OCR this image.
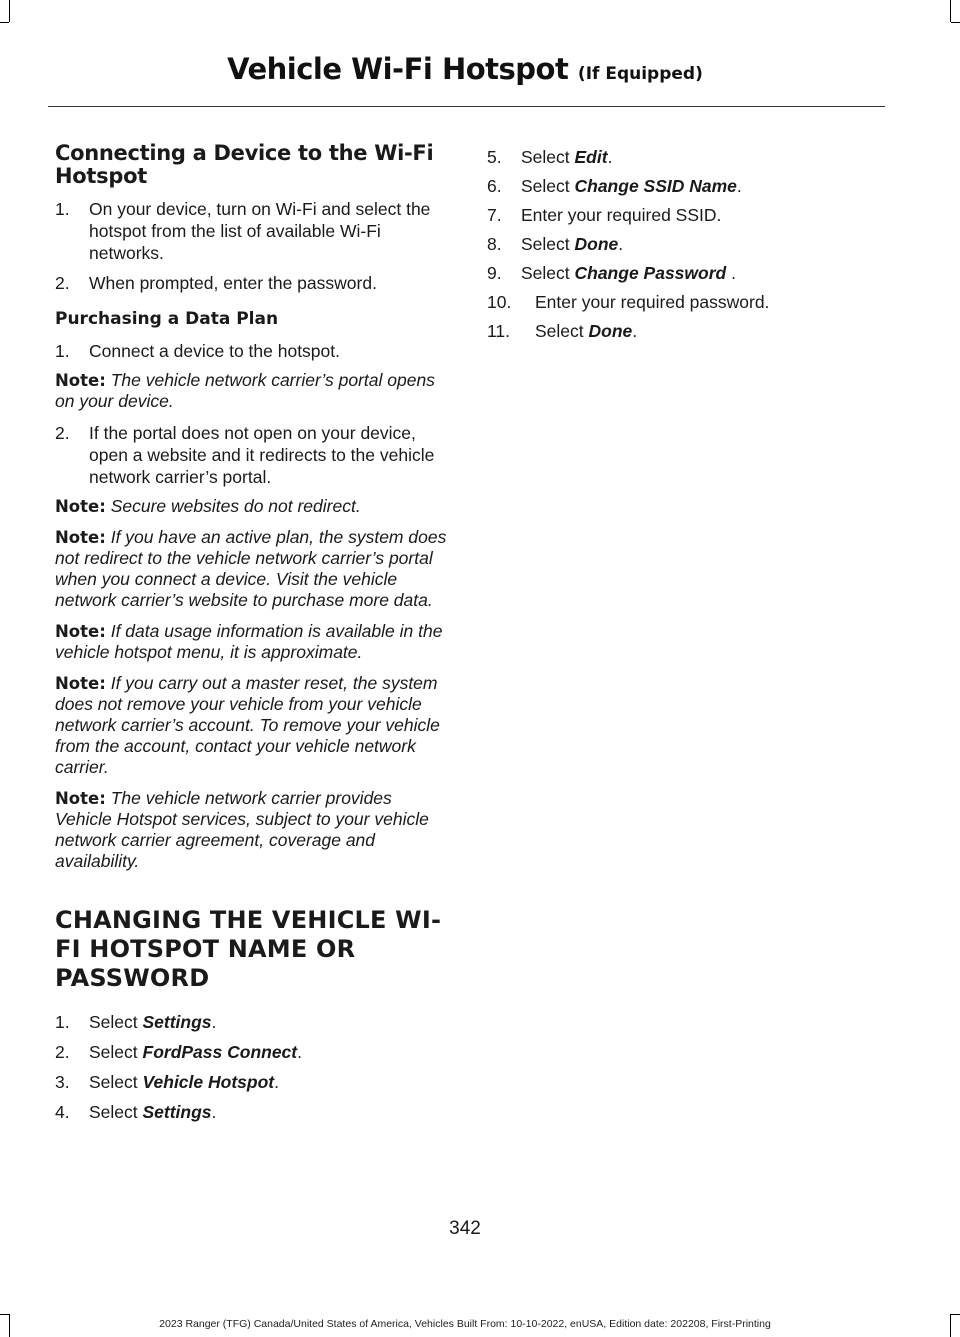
Vehicle Wi-Fi Hotspot (If Equipped)
Connecting a Device to the Wi-Fi Hotspot
1.	On your device, turn on Wi-Fi and select the hotspot from the list of available Wi-Fi networks.
2.	When prompted, enter the password.
Purchasing a Data Plan
1.	Connect a device to the hotspot.
Note: The vehicle network carrier’s portal opens on your device.
2.	If the portal does not open on your device, open a website and it redirects to the vehicle network carrier’s portal.
Note: Secure websites do not redirect.
Note: If you have an active plan, the system does not redirect to the vehicle network carrier’s portal when you connect a device. Visit the vehicle network carrier’s website to purchase more data.
Note: If data usage information is available in the vehicle hotspot menu, it is approximate.
Note: If you carry out a master reset, the system does not remove your vehicle from your vehicle network carrier’s account. To remove your vehicle from the account, contact your vehicle network carrier.
Note: The vehicle network carrier provides Vehicle Hotspot services, subject to your vehicle network carrier agreement, coverage and availability.
CHANGING THE VEHICLE WI-FI HOTSPOT NAME OR PASSWORD
1.	Select Settings.
2.	Select FordPass Connect.
3.	Select Vehicle Hotspot.
4.	Select Settings.
5.	Select Edit.
6.	Select Change SSID Name.
7.	Enter your required SSID.
8.	Select Done.
9.	Select Change Password .
10.	Enter your required password.
11.	Select Done.
342
2023 Ranger (TFG) Canada/United States of America, Vehicles Built From: 10-10-2022, enUSA, Edition date: 202208, First-Printing
